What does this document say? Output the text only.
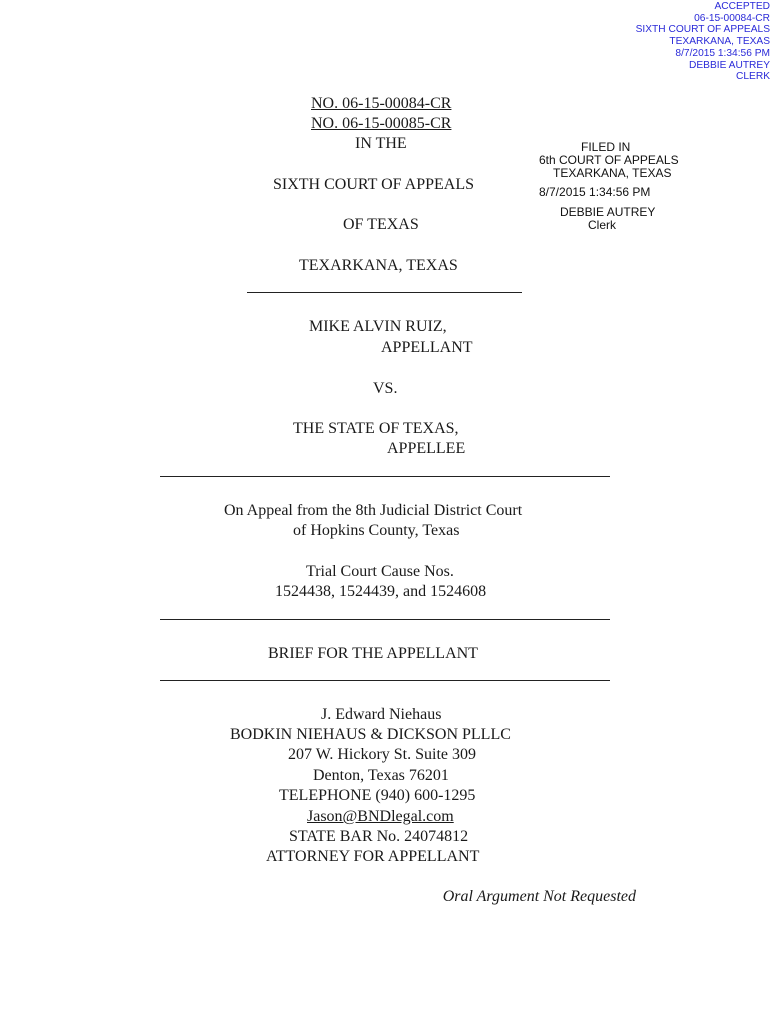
ACCEPTED
06-15-00084-CR
SIXTH COURT OF APPEALS
TEXARKANA, TEXAS
8/7/2015 1:34:56 PM
DEBBIE AUTREY
CLERK
FILED IN
6th COURT OF APPEALS
TEXARKANA, TEXAS
8/7/2015 1:34:56 PM
DEBBIE AUTREY
Clerk
NO. 06-15-00084-CR
NO. 06-15-00085-CR
IN THE
SIXTH COURT OF APPEALS
OF TEXAS
TEXARKANA, TEXAS
MIKE ALVIN RUIZ,
APPELLANT
VS.
THE STATE OF TEXAS,
APPELLEE
On Appeal from the 8th Judicial District Court
of Hopkins County, Texas
Trial Court Cause Nos.
1524438, 1524439, and 1524608
BRIEF FOR THE APPELLANT
J. Edward Niehaus
BODKIN NIEHAUS & DICKSON PLLLC
207 W. Hickory St. Suite 309
Denton, Texas 76201
TELEPHONE (940) 600-1295
Jason@BNDlegal.com
STATE BAR No. 24074812
ATTORNEY FOR APPELLANT
Oral Argument Not Requested
